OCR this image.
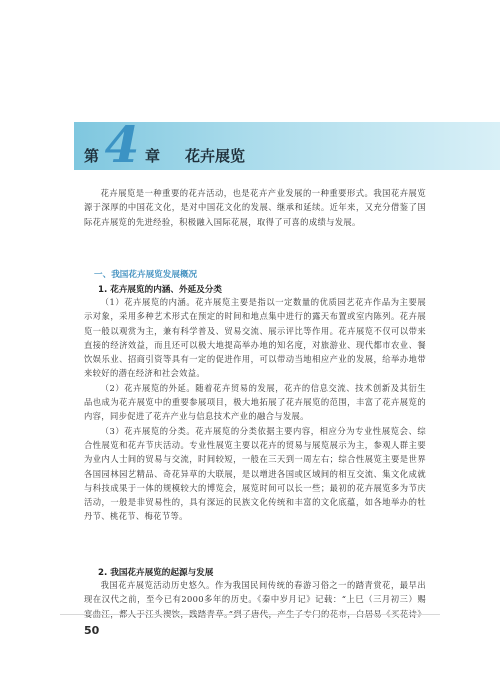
第 4 章 花卉展览

花卉展览是一种重要的花卉活动，也是花卉产业发展的一种重要形式。我国花卉展览源于深厚的中国花文化，是对中国花文化的发展、继承和延续。近年来，又充分借鉴了国际花卉展览的先进经验，积极融入国际花展，取得了可喜的成绩与发展。

一、我国花卉展览发展概况
1. 花卉展览的内涵、外延及分类

（1）花卉展览的内涵。花卉展览主要是指以一定数量的优质园艺花卉作品为主要展示对象，采用多种艺术形式在预定的时间和地点集中进行的露天布置或室内陈列。花卉展览一般以观赏为主，兼有科学普及、贸易交流、展示评比等作用。花卉展览不仅可以带来直接的经济效益，而且还可以极大地提高举办地的知名度，对旅游业、现代都市农业、餐饮娱乐业、招商引资等具有一定的促进作用，可以带动当地相应产业的发展，给举办地带来较好的潜在经济和社会效益。

（2）花卉展览的外延。随着花卉贸易的发展，花卉的信息交流、技术创新及其衍生品也成为花卉展览中的重要参展项目，极大地拓展了花卉展览的范围，丰富了花卉展览的内容，同步促进了花卉产业与信息技术产业的融合与发展。

（3）花卉展览的分类。花卉展览的分类依据主要内容，相应分为专业性展览会、综合性展览和花卉节庆活动。专业性展览主要以花卉的贸易与展览展示为主，参观人群主要为业内人士间的贸易与交流，时间较短，一般在三天到一周左右；综合性展览主要是世界各国园林园艺精品、奇花异草的大联展，是以增进各国或区域间的相互交流、集文化成就与科技成果于一体的规模较大的博览会，展览时间可以长一些；最初的花卉展览多为节庆活动，一般是非贸易性的，具有深远的民族文化传统和丰富的文化底蕴，如各地举办的牡丹节、桃花节、梅花节等。

2. 我国花卉展览的起源与发展

我国花卉展览活动历史悠久。作为我国民间传统的春游习俗之一的踏青赏花，最早出现在汉代之前，至今已有2000多年的历史。《秦中岁月记》记载：“上巳（三月初三）赐

50
